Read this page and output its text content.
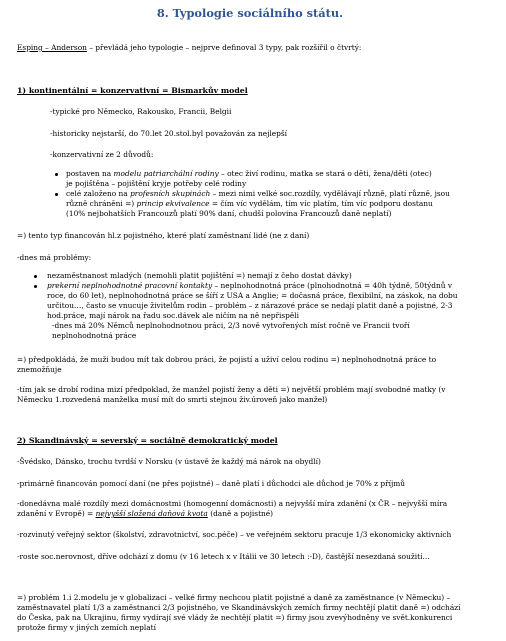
8. Typologie sociálního státu.
Esping – Anderson – převládá jeho typologie – nejprve definoval 3 typy, pak rozšířil o čtvrtý:
1) kontinentální = konzervativní = Bismarkův model
-typické pro Německo, Rakousko, Francii, Belgii
-historicky nejstarší, do 70.let 20.stol.byl považován za nejlepší
-konzervativní ze 2 důvodů:
postaven na modelu patriarchální rodiny – otec živí rodinu, matka se stará o děti, žena/děti (otec)
je pojištěna – pojištění kryje potřeby celé rodiny
celé založeno na profesních skupinách – mezi nimi velké soc.rozdíly, vydělávají různě, platí různě, jsou
různě chráněni =) princip ekvivalence = čím víc vydělám, tím víc platím, tím víc podporu dostanu
(10% nejbohatších Francouzů platí 90% daní, chudší polovina Francouzů daně neplatí)
=) tento typ financován hl.z pojistného, které platí zaměstnaní lidé (ne z daní)
-dnes má problémy:
nezaměstnanost mladých (nemohli platit pojištění =) nemají z čeho dostat dávky)
prekerní neplnohodnotné pracovní kontakty – neplnohodnotná práce (plnohodnotná = 40h týdně, 50týdnů v
roce, do 60 let), neplnohodnotná práce se šíří z USA a Anglie; = dočasná práce, flexibilní, na záskok, na dobu
určitou…, často se vnucuje živitelům rodin – problém – z nárazové práce se nedají platit daně a pojistné, 2-3
hod.práce, mají nárok na řadu soc.dávek ale ničím na ně nepřispěli
-dnes má 20% Němců neplnohodnotnou práci, 2/3 nově vytvořených míst ročně ve Francii tvoří
neplnohodnotná práce
=) předpokládá, že muži budou mít tak dobrou práci, že pojistí a uživí celou rodinu =) neplnohodnotná práce to
znemožňuje
-tím jak se drobí rodina mizí předpoklad, že manžel pojistí ženy a děti =) největší problém mají svobodné matky (v
Německu 1.rozvedená manželka musí mít do smrti stejnou živ.úroveň jako manžel)
2) Skandinávský = severský = sociálně demokratický model
-Švédsko, Dánsko, trochu tvrdší v Norsku (v ústavě že každý má nárok na obydlí)
-primárně financován pomocí daní (ne přes pojistné) – daně platí i důchodci ale důchod je 70% z příjmů
-donedávna malé rozdíly mezi domácnostmi (homogenní domácnosti) a nejvyšší míra zdanění (x ČR – nejvyšší míra
zdanění v Evropě) = nejvyšší složená daňová kvota (daně a pojistné)
-rozvinutý veřejný sektor (školství, zdravotnictví, soc.péče) – ve veřejném sektoru pracuje 1/3 ekonomicky aktivních
-roste soc.nerovnost, dříve odchází z domu (v 16 letech x v Itálii ve 30 letech :-D), častější nesezdaná soužití…
=) problém 1.i 2.modelu je v globalizaci – velké firmy nechcou platit pojistné a daně za zaměstnance (v Německu) –
zaměstnavatel platí 1/3 a zaměstnanci 2/3 pojistného, ve Skandinávských zemích firmy nechtějí platit daně =) odchází
do Česka, pak na Ukrajinu, firmy vydírají své vlády že nechtějí platit =) firmy jsou zvevýhodněny ve svět.konkurenci
protože firmy v jiných zemích neplatí
